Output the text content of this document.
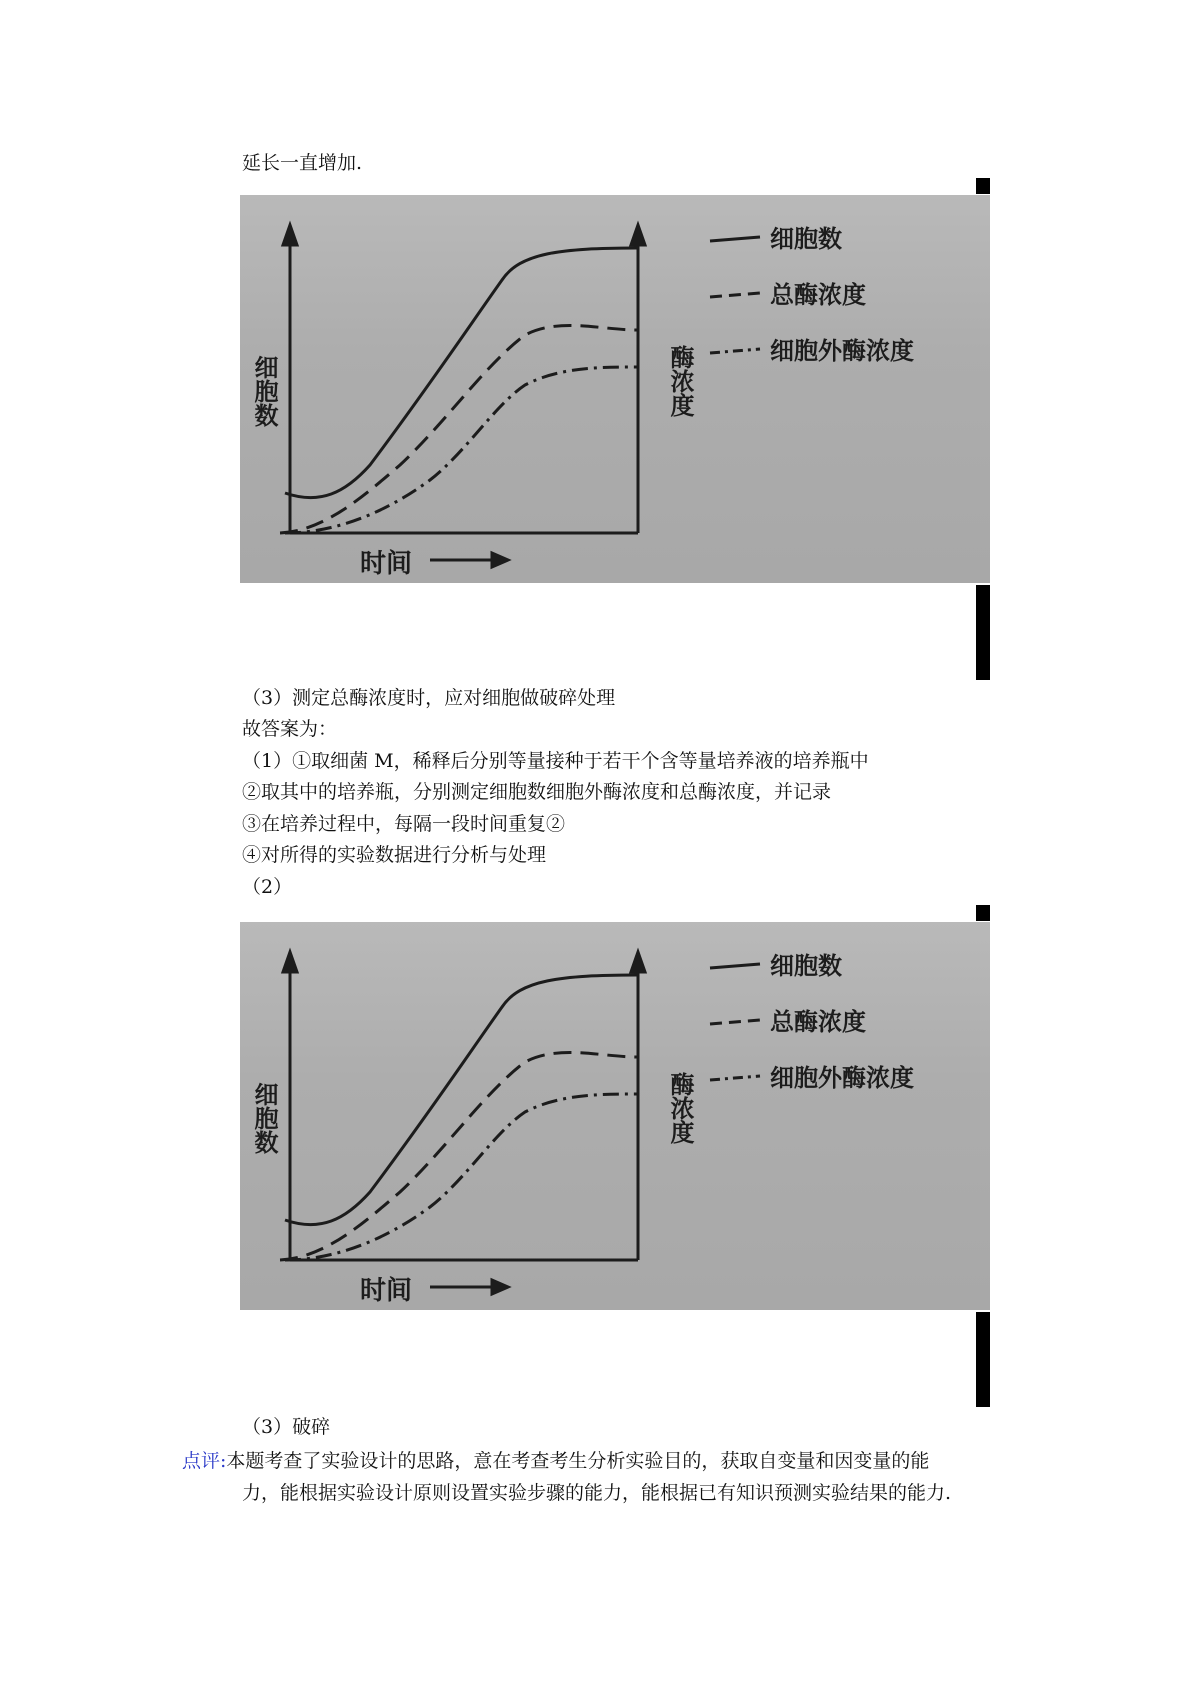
延长一直增加.
细胞数
总酶浓度
细胞外酶浓度
时间
细胞数	酶浓度
（3）测定总酶浓度时，应对细胞做破碎处理
故答案为：
（1）①取细菌 M，稀释后分别等量接种于若干个含等量培养液的培养瓶中
②取其中的培养瓶，分别测定细胞数细胞外酶浓度和总酶浓度，并记录
③在培养过程中，每隔一段时间重复②
④对所得的实验数据进行分析与处理
（2）
细胞数
总酶浓度
细胞外酶浓度
时间
细胞数	酶浓度
（3）破碎
点评:本题考查了实验设计的思路，意在考查考生分析实验目的，获取自变量和因变量的能
力，能根据实验设计原则设置实验步骤的能力，能根据已有知识预测实验结果的能力.
